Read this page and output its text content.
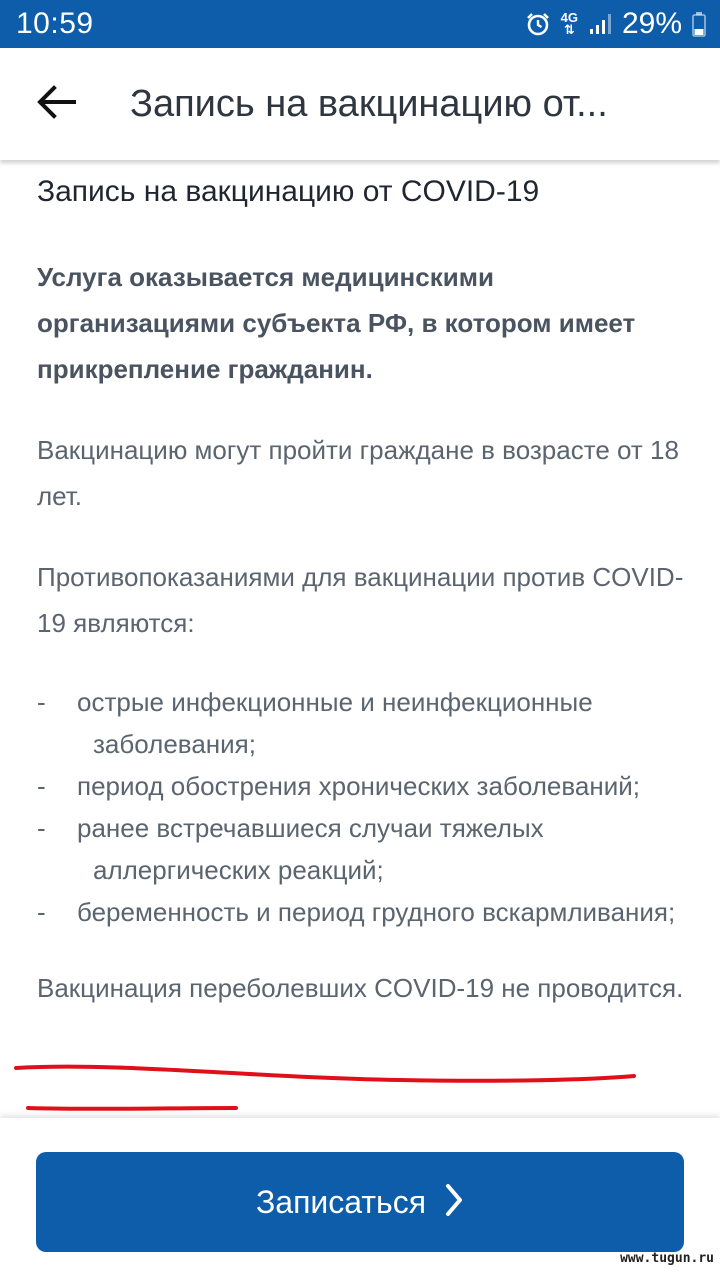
10:59	4G
⇅ 29%
Запись на вакцинацию от...
Запись на вакцинацию от COVID-19
Услуга оказывается медицинскими организациями субъекта РФ, в котором имеет прикрепление гражданин.
Вакцинацию могут пройти граждане в возрасте от 18 лет.
Противопоказаниями для вакцинации против COVID-19 являются:
- острые инфекционные и неинфекционные заболевания;
- период обострения хронических заболеваний;
- ранее встречавшиеся случаи тяжелых аллергических реакций;
- беременность и период грудного вскармливания;
Вакцинация переболевших COVID-19 не проводится.
Записаться
www.tugun.ru
